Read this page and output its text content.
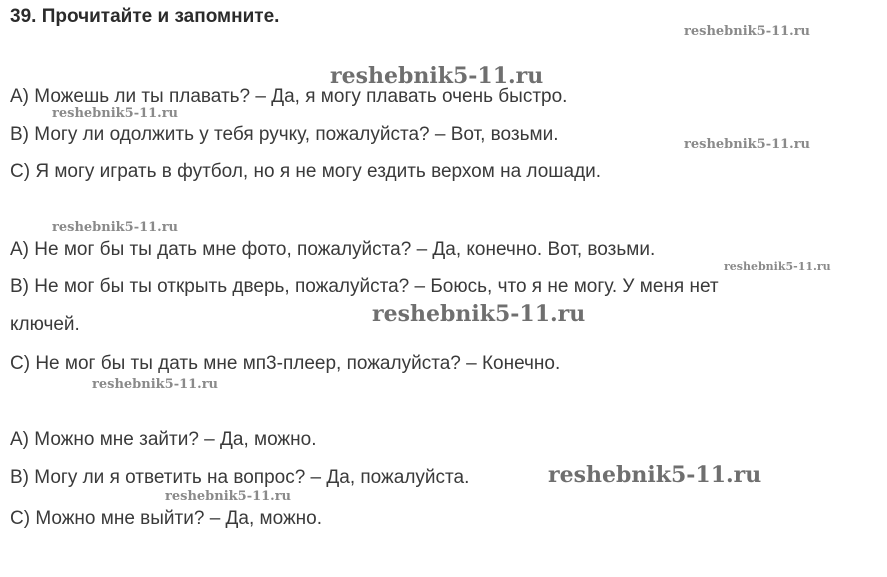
39. Прочитайте и запомните.
А) Можешь ли ты плавать? – Да, я могу плавать очень быстро.
В) Могу ли одолжить у тебя ручку, пожалуйста? – Вот, возьми.
С) Я могу играть в футбол, но я не могу ездить верхом на лошади.
А) Не мог бы ты дать мне фото, пожалуйста? – Да, конечно. Вот, возьми.
В) Не мог бы ты открыть дверь, пожалуйста? – Боюсь, что я не могу. У меня нет
ключей.
С) Не мог бы ты дать мне мп3-плеер, пожалуйста? – Конечно.
А) Можно мне зайти? – Да, можно.
В) Могу ли я ответить на вопрос? – Да, пожалуйста.
С) Можно мне выйти? – Да, можно.
reshebnik5-11.ru
reshebnik5-11.ru
reshebnik5-11.ru
reshebnik5-11.ru
reshebnik5-11.ru
reshebnik5-11.ru
reshebnik5-11.ru
reshebnik5-11.ru
reshebnik5-11.ru
reshebnik5-11.ru
